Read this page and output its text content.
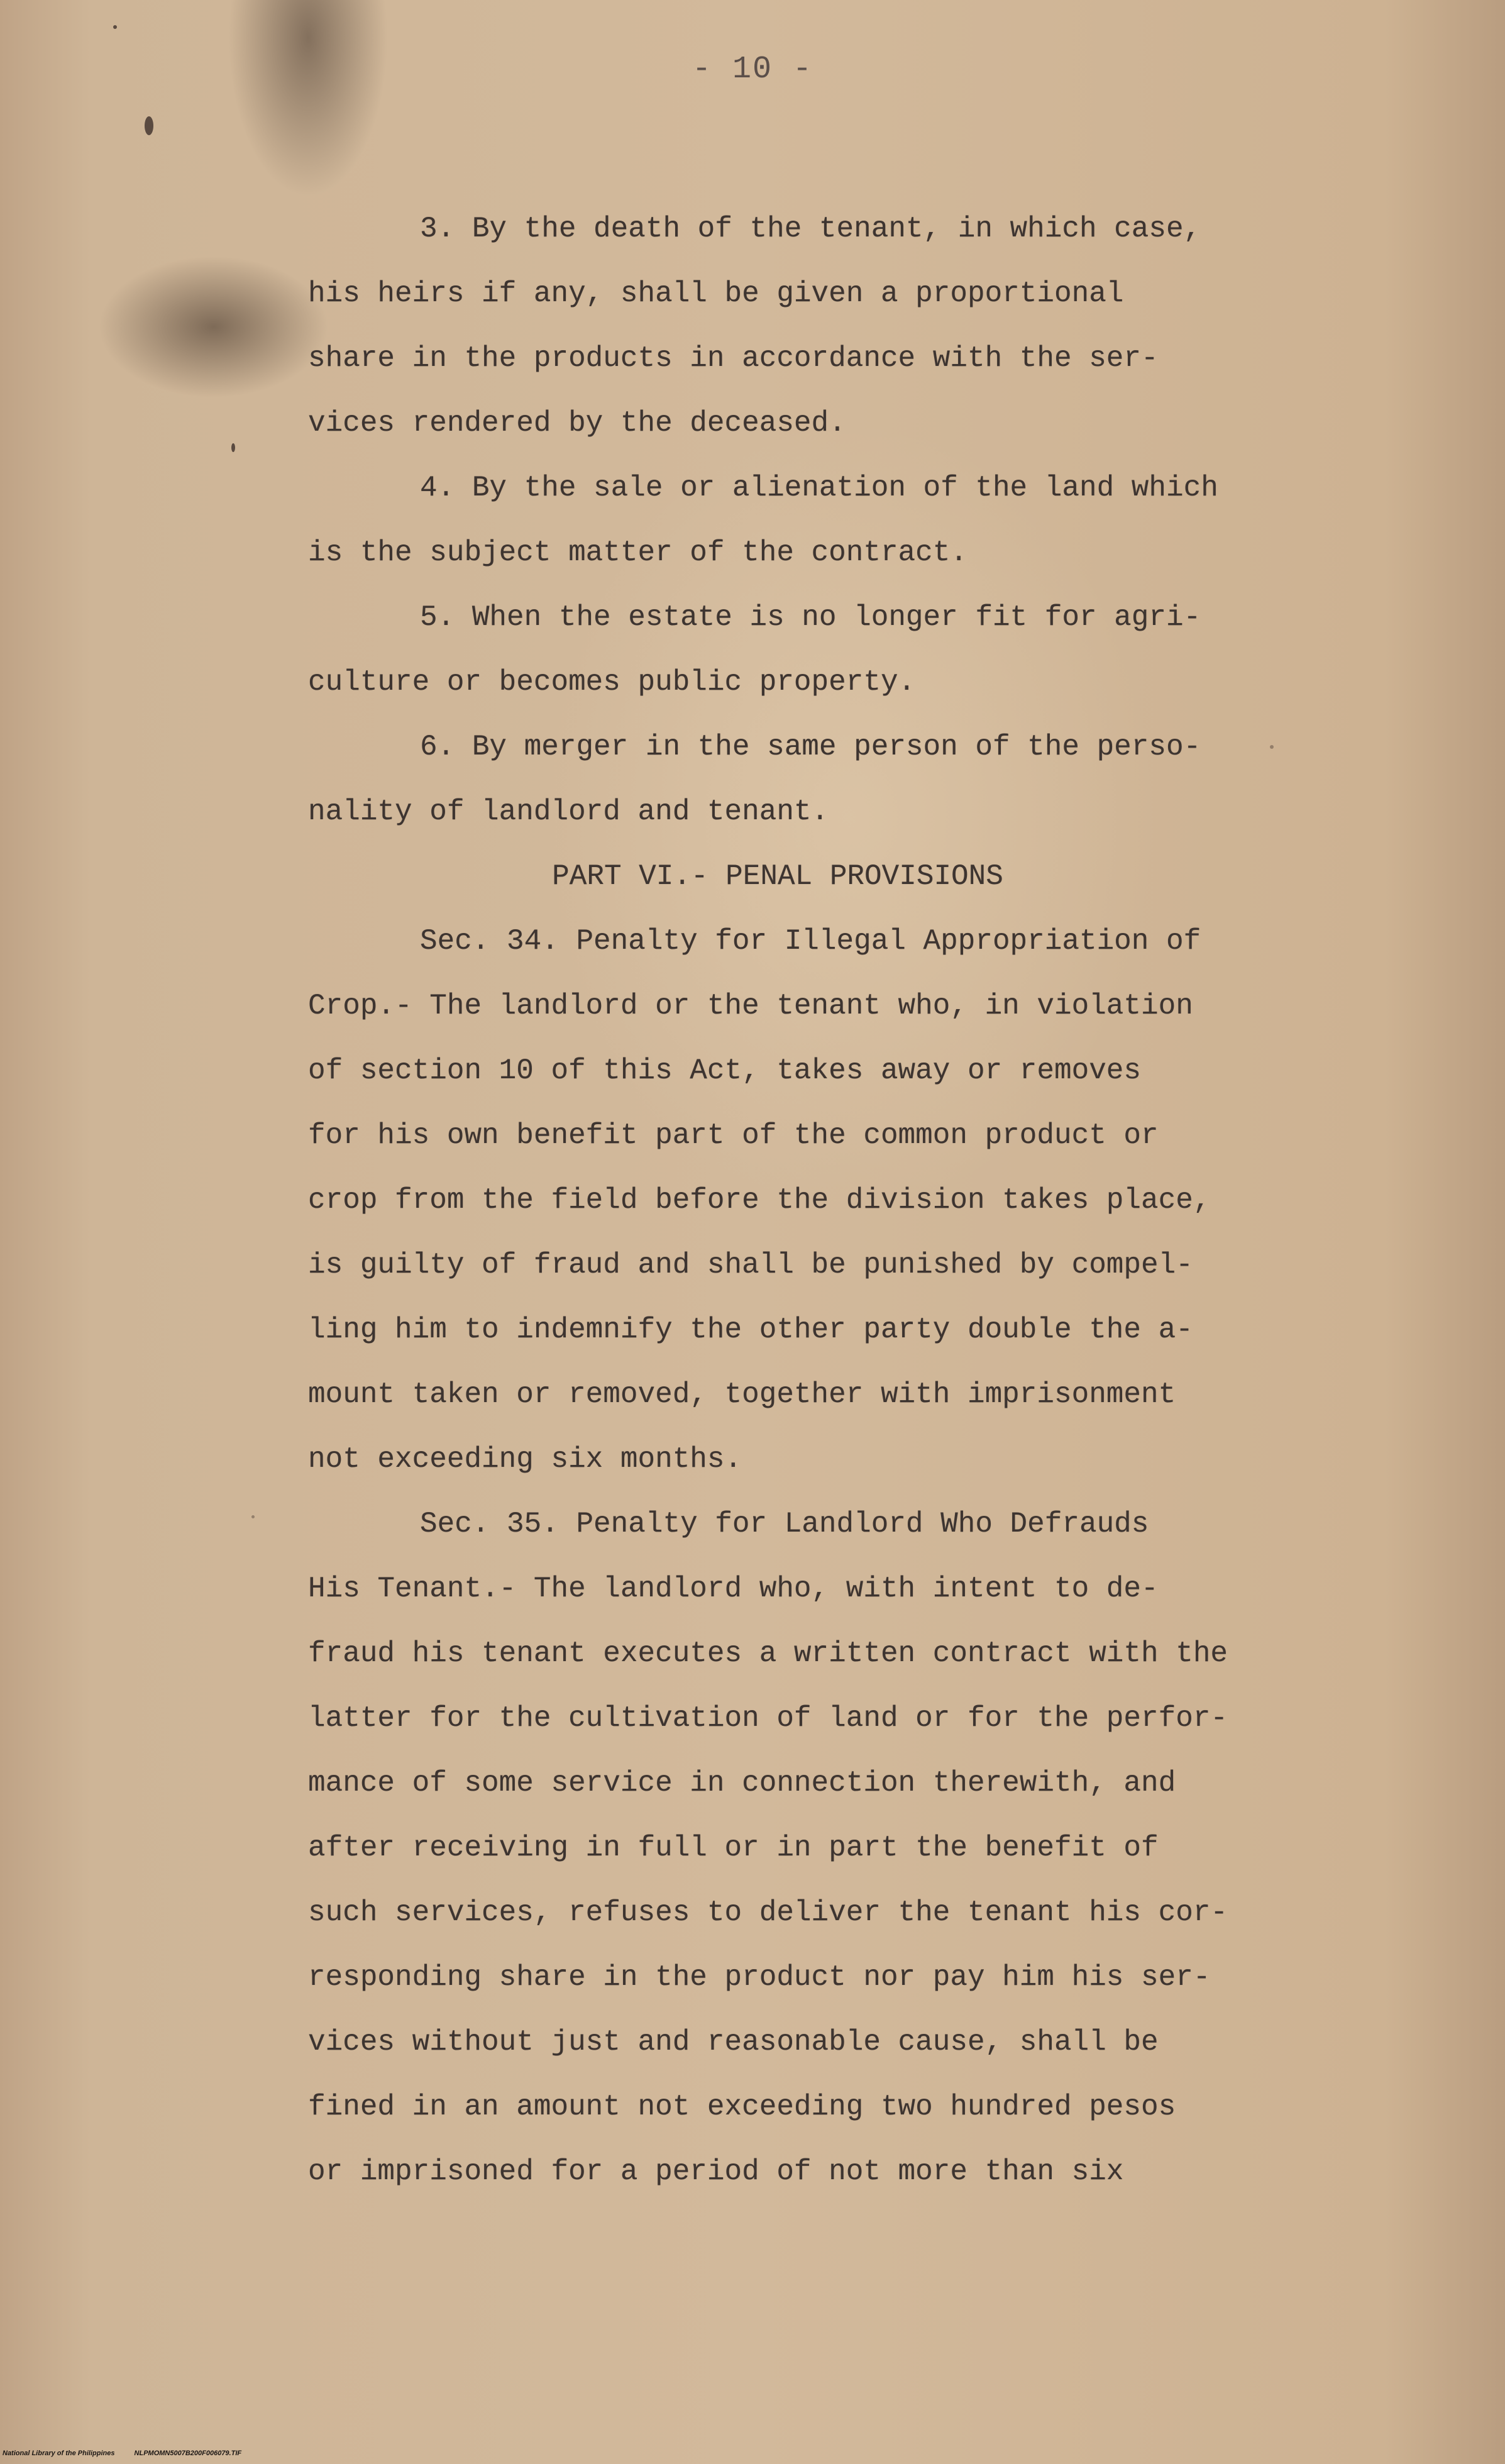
- 10 -
3. By the death of the tenant, in which case,
his heirs if any, shall be given a proportional
share in the products in accordance with the ser-
vices rendered by the deceased.
4. By the sale or alienation of the land which
is the subject matter of the contract.
5. When the estate is no longer fit for agri-
culture or becomes public property.
6. By merger in the same person of the perso-
nality of landlord and tenant.
PART VI.- PENAL PROVISIONS
Sec. 34. Penalty for Illegal Appropriation of
Crop.- The landlord or the tenant who, in violation
of section 10 of this Act, takes away or removes
for his own benefit part of the common product or
crop from the field before the division takes place,
is guilty of fraud and shall be punished by compel-
ling him to indemnify the other party double the a-
mount taken or removed, together with imprisonment
not exceeding six months.
Sec. 35. Penalty for Landlord Who Defrauds
His Tenant.- The landlord who, with intent to de-
fraud his tenant executes a written contract with the
latter for the cultivation of land or for the perfor-
mance of some service in connection therewith, and
after receiving in full or in part the benefit of
such services, refuses to deliver the tenant his cor-
responding share in the product nor pay him his ser-
vices without just and reasonable cause, shall be
fined in an amount not exceeding two hundred pesos
or imprisoned for a period of not more than six
National Library of the Philippines	NLPMOMN5007B200F006079.TIF
